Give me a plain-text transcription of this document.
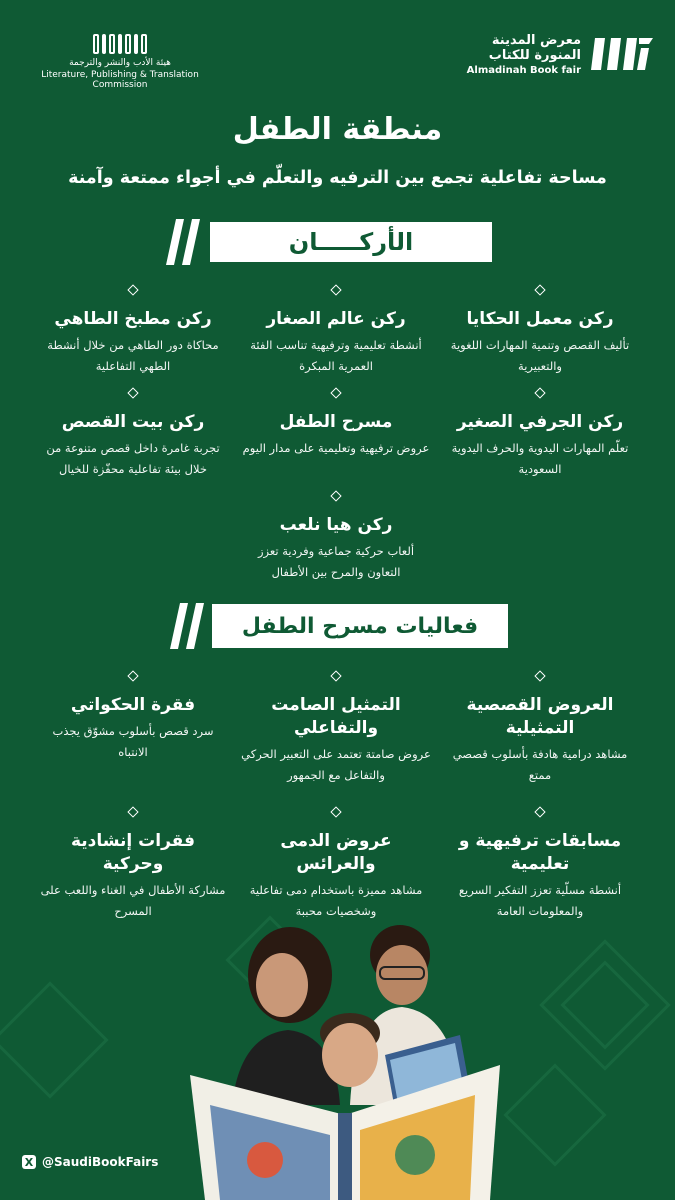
هيئة الأدب والنشر والترجمة
Literature, Publishing & Translation Commission
معرض المدينة
المنورة للكتاب
Almadinah Book fair
منطقة الطفل
مساحة تفاعلية تجمع بين الترفيه والتعلّم في أجواء ممتعة وآمنة
الأركـــــان
ركن معمل الحكايا
تأليف القصص وتنمية المهارات اللغوية والتعبيرية
ركن عالم الصغار
أنشطة تعليمية وترفيهية تناسب الفئة العمرية المبكرة
ركن مطبخ الطاهي
محاكاة دور الطاهي من خلال أنشطة الطهي التفاعلية
ركن الجرفي الصغير
تعلّم المهارات اليدوية والحرف اليدوية السعودية
مسرح الطفل
عروض ترفيهية وتعليمية على مدار اليوم
ركن بيت القصص
تجربة غامرة داخل قصص متنوعة من خلال بيئة تفاعلية محفّزة للخيال
ركن هيا نلعب
ألعاب حركية جماعية وفردية تعزز التعاون والمرح بين الأطفال
فعاليات مسرح الطفل
العروض القصصية التمثيلية
مشاهد درامية هادفة بأسلوب قصصي ممتع
التمثيل الصامت والتفاعلي
عروض صامتة تعتمد على التعبير الحركي والتفاعل مع الجمهور
فقرة الحكواتي
سرد قصص بأسلوب مشوّق يجذب الانتباه
مسابقات ترفيهية و تعليمية
أنشطة مسلّية تعزز التفكير السريع والمعلومات العامة
عروض الدمى والعرائس
مشاهد مميزة باستخدام دمى تفاعلية وشخصيات محببة
فقرات إنشادية وحركية
مشاركة الأطفال في الغناء واللعب على المسرح
X @SaudiBookFairs
